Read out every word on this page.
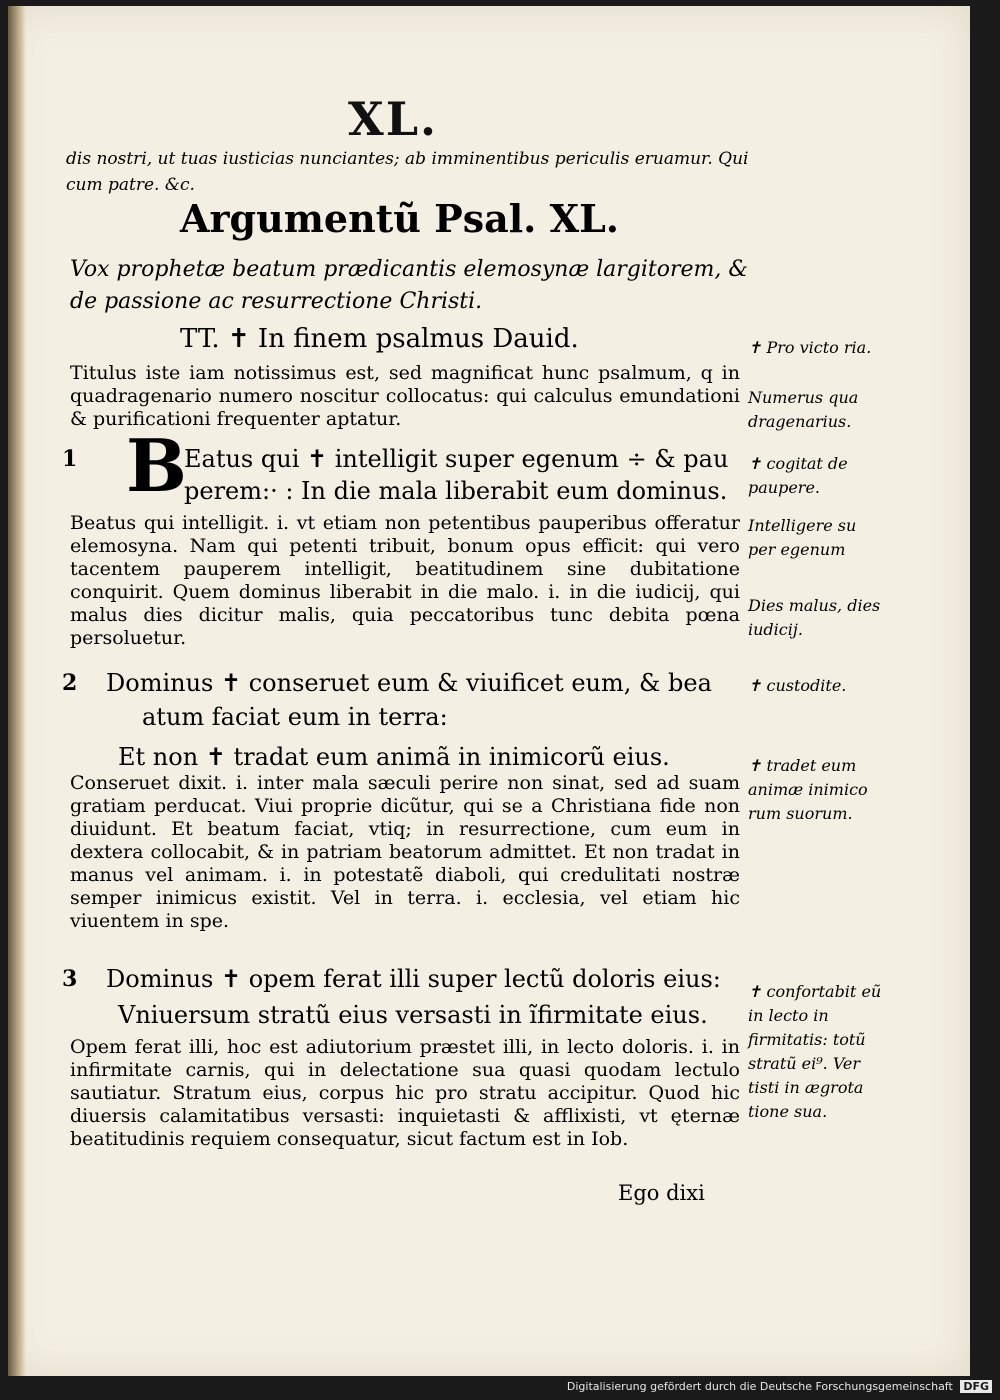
XL.
dis nostri, ut tuas iusticias nunciantes; ab imminentibus periculis eruamur. Qui cum patre. &c.
Argumentũ Psal. XL.
Vox prophetæ beatum prædicantis elemosynæ largitorem, & de passione ac resurrectione Christi.
TT. ✝ In finem psalmus Dauid.
Titulus iste iam notissimus est, sed magnificat hunc psalmum, q in quadragenario numero noscitur collocatus: qui calculus emundationi & purificationi frequenter aptatur.
1 B
Eatus qui ✝ intelligit super egenum ÷ & pau
perem:· : In die mala liberabit eum dominus.
Beatus qui intelligit. i. vt etiam non petentibus pauperibus offeratur elemosyna. Nam qui petenti tribuit, bonum opus efficit: qui vero tacentem pauperem intelligit, beatitudinem sine dubitatione conquirit. Quem dominus liberabit in die malo. i. in die iudicij, qui malus dies dicitur malis, quia peccatoribus tunc debita pœna persoluetur.
2 Dominus ✝ conseruet eum & viuificet eum, & bea
atum faciat eum in terra:
Et non ✝ tradat eum animã in inimicorũ eius.
Conseruet dixit. i. inter mala sæculi perire non sinat, sed ad suam gratiam perducat. Viui proprie dicũtur, qui se a Christiana fide non diuidunt. Et beatum faciat, vtiq; in resurrectione, cum eum in dextera collocabit, & in patriam beatorum admittet. Et non tradat in manus vel animam. i. in potestatẽ diaboli, qui credulitati nostræ semper inimicus existit. Vel in terra. i. ecclesia, vel etiam hic viuentem in spe.
3 Dominus ✝ opem ferat illi super lectũ doloris eius:
Vniuersum stratũ eius versasti in ĩfirmitate eius.
Opem ferat illi, hoc est adiutorium præstet illi, in lecto doloris. i. in infirmitate carnis, qui in delectatione sua quasi quodam lectulo sautiatur. Stratum eius, corpus hic pro stratu accipitur. Quod hic diuersis calamitatibus versasti: inquietasti & afflixisti, vt ęternæ beatitudinis requiem consequatur, sicut factum est in Iob.
Ego dixi
✝ Pro victo ria.
Numerus qua dragenarius.
✝ cogitat de paupere.
Intelligere su per egenum
Dies malus, dies iudicij.
✝ custodite.
✝ tradet eum animæ inimico rum suorum.
✝ confortabit eũ in lecto in firmitatis: totũ stratũ ei⁹. Ver tisti in ægrota tione sua.
Digitalisierung gefördert durch die Deutsche Forschungsgemeinschaft DFG
